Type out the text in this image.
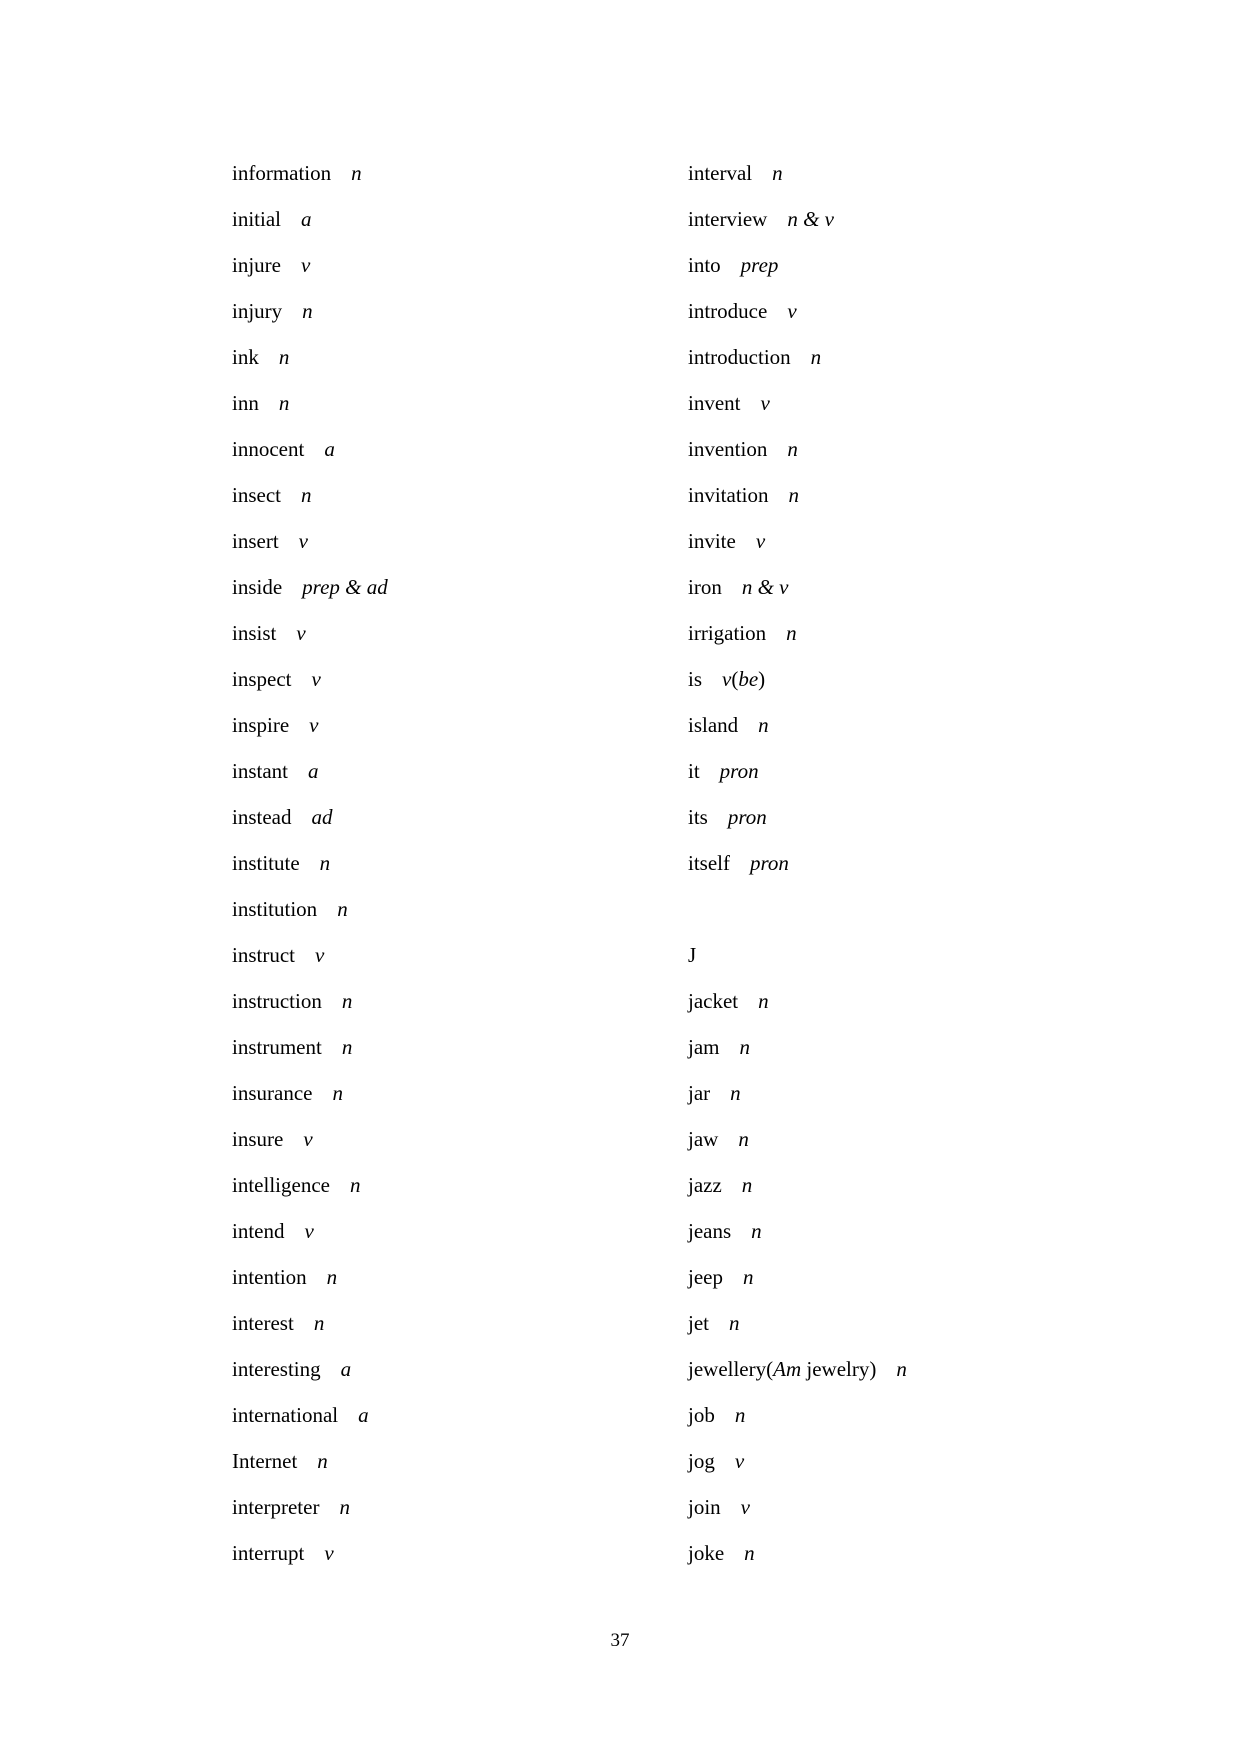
information n
initial a
injure v
injury n
ink n
inn n
innocent a
insect n
insert v
inside prep & ad
insist v
inspect v
inspire v
instant a
instead ad
institute n
institution n
instruct v
instruction n
instrument n
insurance n
insure v
intelligence n
intend v
intention n
interest n
interesting a
international a
Internet n
interpreter n
interrupt v
interval n
interview n & v
into prep
introduce v
introduction n
invent v
invention n
invitation n
invite v
iron n & v
irrigation n
is v(be)
island n
it pron
its pron
itself pron
J
jacket n
jam n
jar n
jaw n
jazz n
jeans n
jeep n
jet n
jewellery(Am jewelry) n
job n
jog v
join v
joke n
37
